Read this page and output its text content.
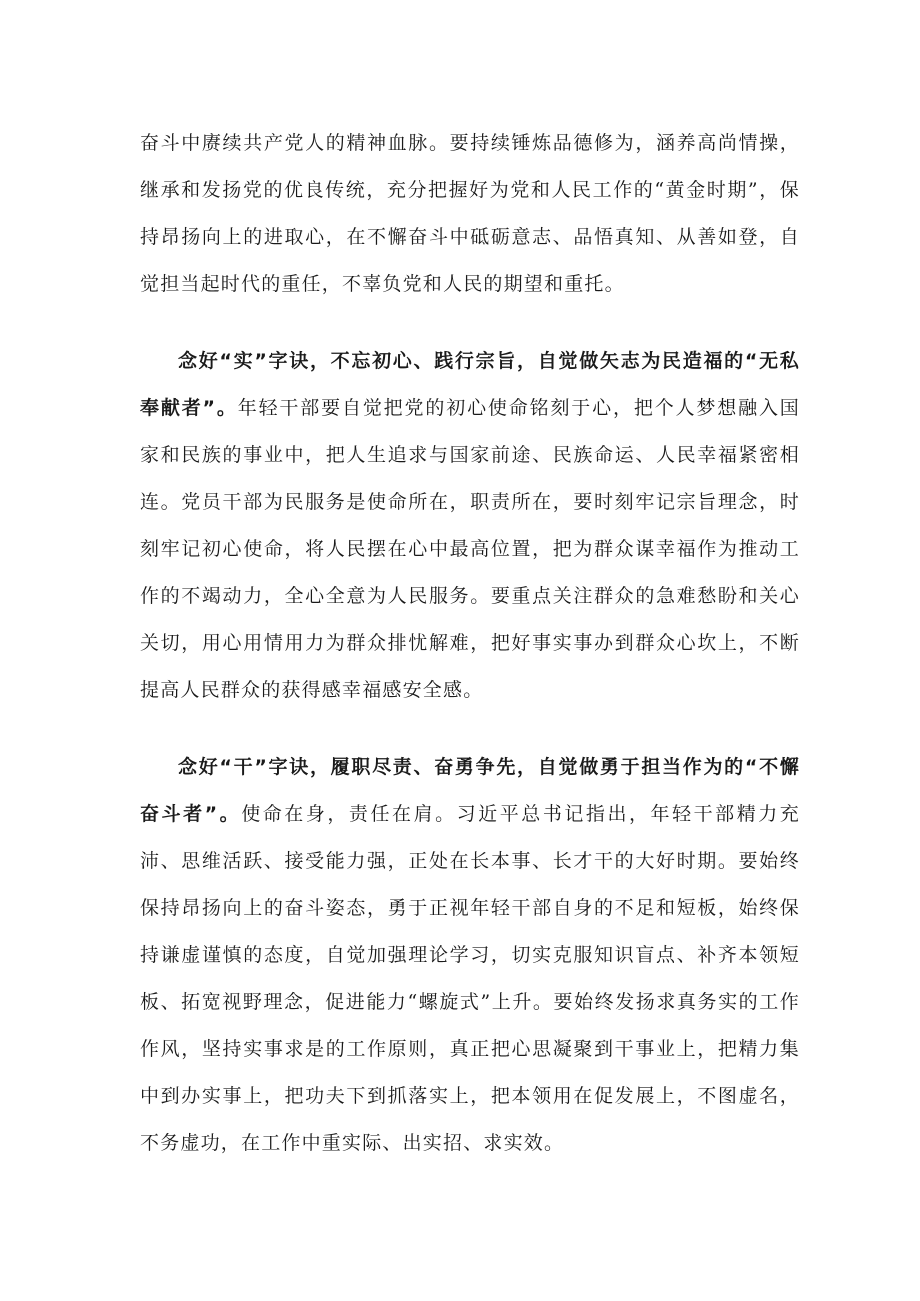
奋斗中赓续共产党人的精神血脉。要持续锤炼品德修为，涵养高尚情操，继承和发扬党的优良传统，充分把握好为党和人民工作的“黄金时期”，保持昂扬向上的进取心，在不懈奋斗中砥砺意志、品悟真知、从善如登，自觉担当起时代的重任，不辜负党和人民的期望和重托。

念好“实”字诀，不忘初心、践行宗旨，自觉做矢志为民造福的“无私奉献者”。年轻干部要自觉把党的初心使命铭刻于心，把个人梦想融入国家和民族的事业中，把人生追求与国家前途、民族命运、人民幸福紧密相连。党员干部为民服务是使命所在，职责所在，要时刻牢记宗旨理念，时刻牢记初心使命，将人民摆在心中最高位置，把为群众谋幸福作为推动工作的不竭动力，全心全意为人民服务。要重点关注群众的急难愁盼和关心关切，用心用情用力为群众排忧解难，把好事实事办到群众心坎上，不断提高人民群众的获得感幸福感安全感。

念好“干”字诀，履职尽责、奋勇争先，自觉做勇于担当作为的“不懈奋斗者”。使命在身，责任在肩。习近平总书记指出，年轻干部精力充沛、思维活跃、接受能力强，正处在长本事、长才干的大好时期。要始终保持昂扬向上的奋斗姿态，勇于正视年轻干部自身的不足和短板，始终保持谦虚谨慎的态度，自觉加强理论学习，切实克服知识盲点、补齐本领短板、拓宽视野理念，促进能力“螺旋式”上升。要始终发扬求真务实的工作作风，坚持实事求是的工作原则，真正把心思凝聚到干事业上，把精力集中到办实事上，把功夫下到抓落实上，把本领用在促发展上，不图虚名，不务虚功，在工作中重实际、出实招、求实效。
